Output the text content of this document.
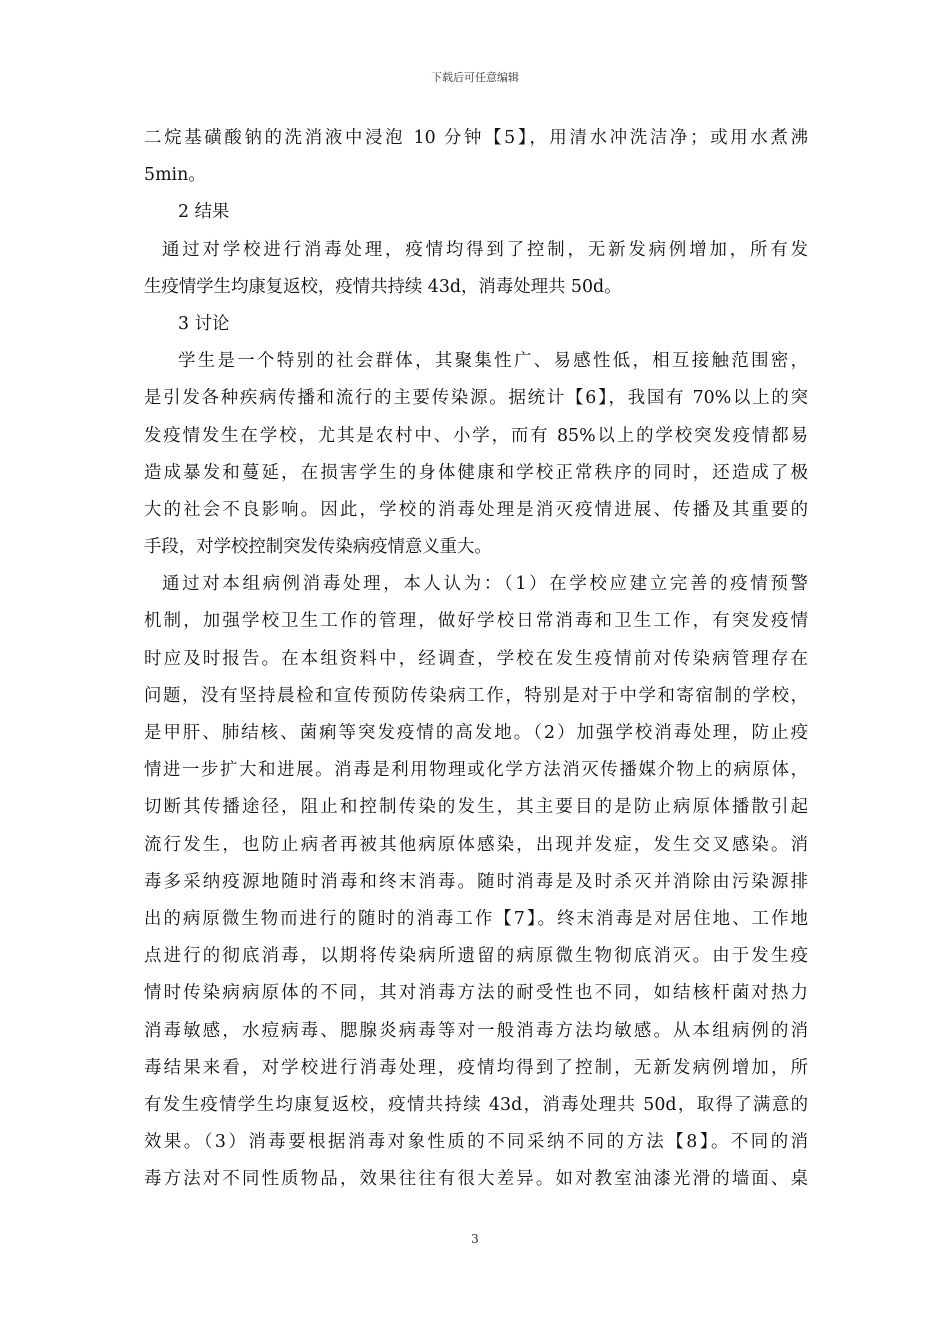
下载后可任意编辑
二烷基磺酸钠的洗消液中浸泡 10 分钟【5】，用清水冲洗洁净；或用水煮沸
5min。
2 结果
通过对学校进行消毒处理，疫情均得到了控制，无新发病例增加，所有发
生疫情学生均康复返校，疫情共持续 43d，消毒处理共 50d。
3 讨论
学生是一个特别的社会群体，其聚集性广、易感性低，相互接触范围密，
是引发各种疾病传播和流行的主要传染源。据统计【6】，我国有 70%以上的突
发疫情发生在学校，尤其是农村中、小学，而有 85%以上的学校突发疫情都易
造成暴发和蔓延，在损害学生的身体健康和学校正常秩序的同时，还造成了极
大的社会不良影响。因此，学校的消毒处理是消灭疫情进展、传播及其重要的
手段，对学校控制突发传染病疫情意义重大。
通过对本组病例消毒处理，本人认为：（1）在学校应建立完善的疫情预警
机制，加强学校卫生工作的管理，做好学校日常消毒和卫生工作，有突发疫情
时应及时报告。在本组资料中，经调查，学校在发生疫情前对传染病管理存在
问题，没有坚持晨检和宣传预防传染病工作，特别是对于中学和寄宿制的学校，
是甲肝、肺结核、菌痢等突发疫情的高发地。（2）加强学校消毒处理，防止疫
情进一步扩大和进展。消毒是利用物理或化学方法消灭传播媒介物上的病原体，
切断其传播途径，阻止和控制传染的发生，其主要目的是防止病原体播散引起
流行发生，也防止病者再被其他病原体感染，出现并发症，发生交叉感染。消
毒多采纳疫源地随时消毒和终末消毒。随时消毒是及时杀灭并消除由污染源排
出的病原微生物而进行的随时的消毒工作【7】。终末消毒是对居住地、工作地
点进行的彻底消毒，以期将传染病所遗留的病原微生物彻底消灭。由于发生疫
情时传染病病原体的不同，其对消毒方法的耐受性也不同，如结核杆菌对热力
消毒敏感，水痘病毒、腮腺炎病毒等对一般消毒方法均敏感。从本组病例的消
毒结果来看，对学校进行消毒处理，疫情均得到了控制，无新发病例增加，所
有发生疫情学生均康复返校，疫情共持续 43d，消毒处理共 50d，取得了满意的
效果。（3）消毒要根据消毒对象性质的不同采纳不同的方法【8】。不同的消
毒方法对不同性质物品，效果往往有很大差异。如对教室油漆光滑的墙面、桌
3
